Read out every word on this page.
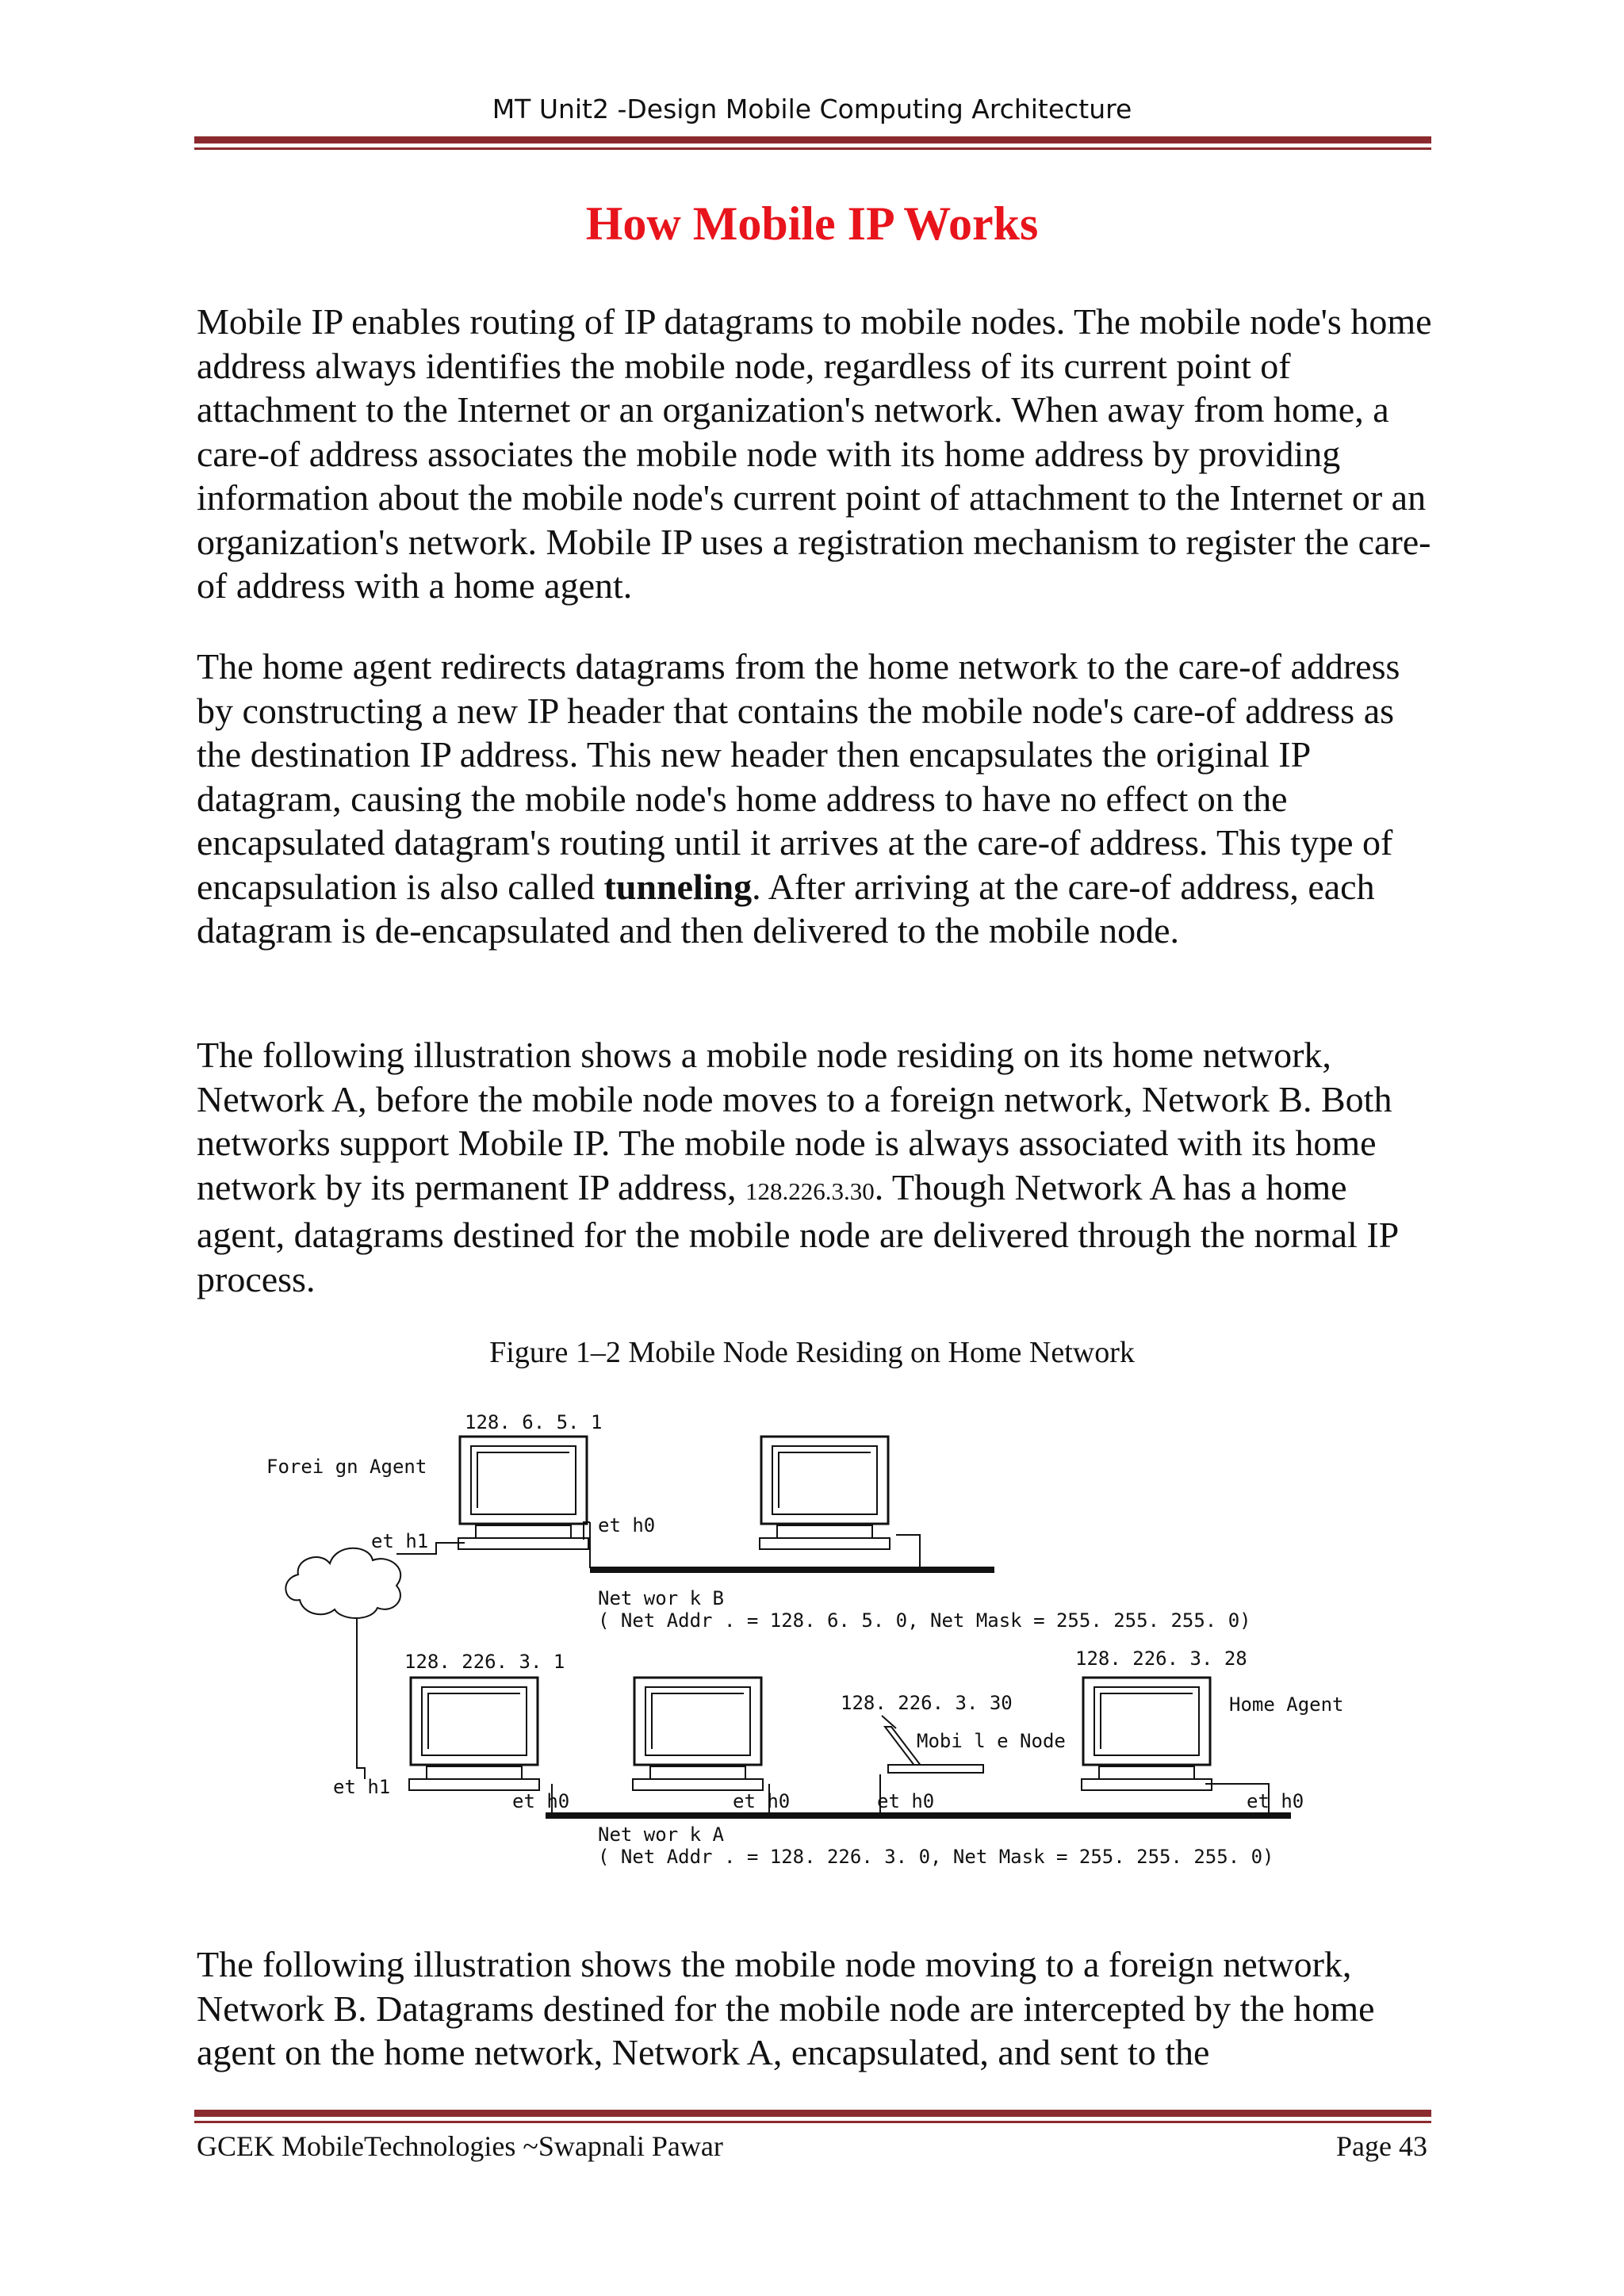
MT Unit2 -Design Mobile Computing Architecture
How Mobile IP Works

Mobile IP enables routing of IP datagrams to mobile nodes. The mobile node's home address always identifies the mobile node, regardless of its current point of attachment to the Internet or an organization's network. When away from home, a care-of address associates the mobile node with its home address by providing information about the mobile node's current point of attachment to the Internet or an organization's network. Mobile IP uses a registration mechanism to register the care-of address with a home agent.

The home agent redirects datagrams from the home network to the care-of address by constructing a new IP header that contains the mobile node's care-of address as the destination IP address. This new header then encapsulates the original IP datagram, causing the mobile node's home address to have no effect on the encapsulated datagram's routing until it arrives at the care-of address. This type of encapsulation is also called tunneling. After arriving at the care-of address, each datagram is de-encapsulated and then delivered to the mobile node.

The following illustration shows a mobile node residing on its home network, Network A, before the mobile node moves to a foreign network, Network B. Both networks support Mobile IP. The mobile node is always associated with its home network by its permanent IP address, 128.226.3.30. Though Network A has a home agent, datagrams destined for the mobile node are delivered through the normal IP process.

Figure 1–2 Mobile Node Residing on Home Network
128. 6. 5. 1
Forei gn Agent
et h0
Net wor k B
( Net Addr . = 128. 6. 5. 0, Net Mask = 255. 255. 255. 0)
et h1
128. 226. 3. 1
et h1
et h0	et h0
128. 226. 3. 30
Mobi l e Node
et h0
128. 226. 3. 28
Home Agent
et h0
Net wor k A
( Net Addr . = 128. 226. 3. 0, Net Mask = 255. 255. 255. 0)

The following illustration shows the mobile node moving to a foreign network, Network B. Datagrams destined for the mobile node are intercepted by the home agent on the home network, Network A, encapsulated, and sent to the

GCEK MobileTechnologies ~Swapnali Pawar	Page 43
